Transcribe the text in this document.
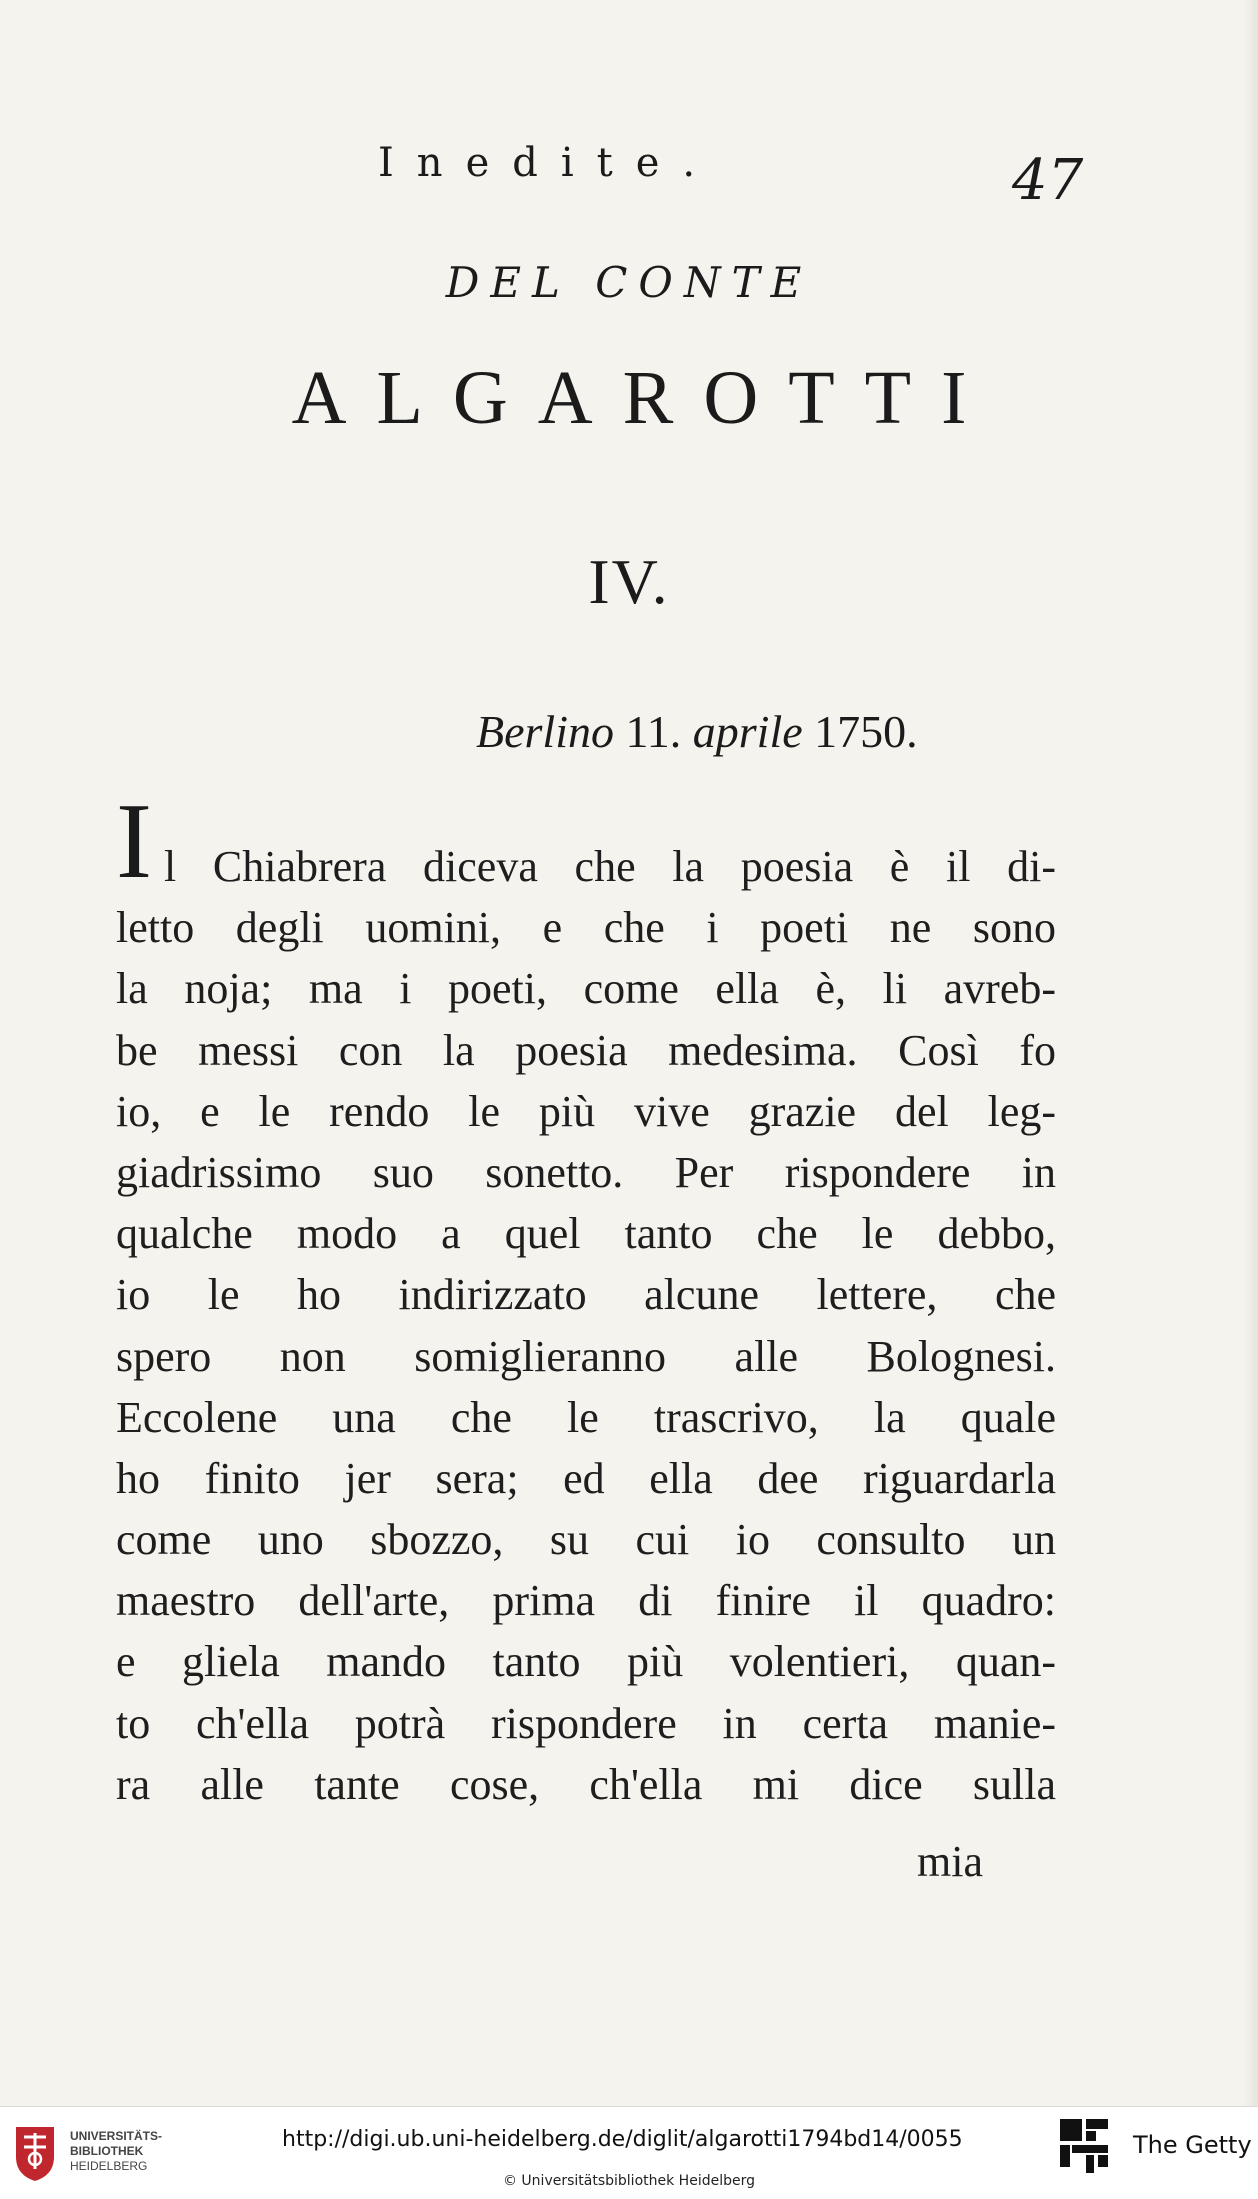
Inedite.	47
DEL CONTE
ALGAROTTI
IV.
Berlino 11. aprile 1750.
I l Chiabrera diceva che la poesia è il di-
letto degli uomini, e che i poeti ne sono
la noja; ma i poeti, come ella è, li avreb-
be messi con la poesia medesima. Così fo
io, e le rendo le più vive grazie del leg-
giadrissimo suo sonetto. Per rispondere in
qualche modo a quel tanto che le debbo,
io le ho indirizzato alcune lettere, che
spero non somiglieranno alle Bolognesi.
Eccolene una che le trascrivo, la quale
ho finito jer sera; ed ella dee riguardarla
come uno sbozzo, su cui io consulto un
maestro dell'arte, prima di finire il quadro:
e gliela mando tanto più volentieri, quan-
to ch'ella potrà rispondere in certa manie-
ra alle tante cose, ch'ella mi dice sulla
mia
UNIVERSITÄTS-
BIBLIOTHEK
HEIDELBERG
http://digi.ub.uni-heidelberg.de/diglit/algarotti1794bd14/0055
© Universitätsbibliothek Heidelberg
The Getty
